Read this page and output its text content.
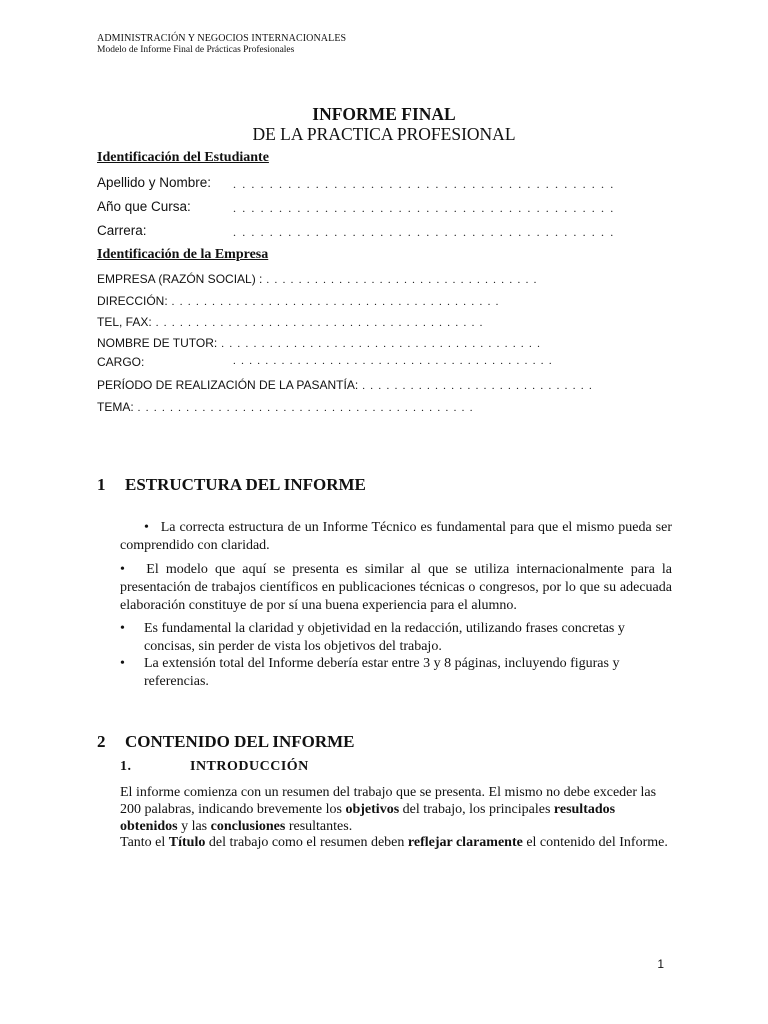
ADMINISTRACIÓN Y NEGOCIOS INTERNACIONALES
Modelo de Informe Final de Prácticas Profesionales
INFORME FINAL
DE LA PRACTICA PROFESIONAL
Identificación del Estudiante
Apellido y Nombre: . . . . . . . . . . . . . . . . . . . . . . . . . . . . . . . . . . . . . . . . . .
Año que Cursa:	. . . . . . . . . . . . . . . . . . . . . . . . . . . . . . . . . . . . . . . . . .
Carrera:	. . . . . . . . . . . . . . . . . . . . . . . . . . . . . . . . . . . . . . . . . .
Identificación de la Empresa
EMPRESA (RAZÓN SOCIAL) : . . . . . . . . . . . . . . . . . . . . . . . . . . . . . . . . . .
DIRECCIÓN: . . . . . . . . . . . . . . . . . . . . . . . . . . . . . . . . . . . . . . . . .
TEL, FAX: . . . . . . . . . . . . . . . . . . . . . . . . . . . . . . . . . . . . . . . . .
NOMBRE DE TUTOR: . . . . . . . . . . . . . . . . . . . . . . . . . . . . . . . . . . . . . . . .
CARGO:	. . . . . . . . . . . . . . . . . . . . . . . . . . . . . . . . . . . . . . . .
PERÍODO DE REALIZACIÓN DE LA PASANTÍA: . . . . . . . . . . . . . . . . . . . . . . . . . . . . .
TEMA: . . . . . . . . . . . . . . . . . . . . . . . . . . . . . . . . . . . . . . . . . .
1 ESTRUCTURA DEL INFORME
• La correcta estructura de un Informe Técnico es fundamental para que el mismo pueda ser comprendido con claridad.
• El modelo que aquí se presenta es similar al que se utiliza internacionalmente para la presentación de trabajos científicos en publicaciones técnicas o congresos, por lo que su adecuada elaboración constituye de por sí una buena experiencia para el alumno.
• Es fundamental la claridad y objetividad en la redacción, utilizando frases concretas y concisas, sin perder de vista los objetivos del trabajo.
• La extensión total del Informe debería estar entre 3 y 8 páginas, incluyendo figuras y referencias.
2 CONTENIDO DEL INFORME
1.	INTRODUCCIÓN
El informe comienza con un resumen del trabajo que se presenta. El mismo no debe exceder las 200 palabras, indicando brevemente los objetivos del trabajo, los principales resultados obtenidos y las conclusiones resultantes.
Tanto el Título del trabajo como el resumen deben reflejar claramente el contenido del Informe.
1
